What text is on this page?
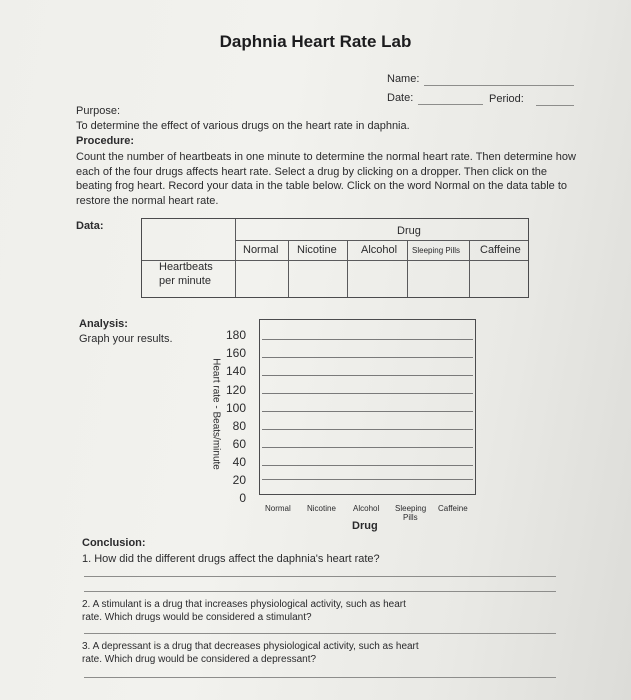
Daphnia Heart Rate Lab
Name:
Date:	Period:
Purpose:
To determine the effect of various drugs on the heart rate in daphnia.
Procedure:
Count the number of heartbeats in one minute to determine the normal heart rate. Then determine how each of the four drugs affects heart rate. Select a drug by clicking on a dropper. Then click on the beating frog heart. Record your data in the table below. Click on the word Normal on the data table to restore the normal heart rate.
Data:	Drug
Normal Nicotine Alcohol Sleeping Pills Caffeine
Heartbeats
per minute
Analysis:
Graph your results.
Heart rate - Beats/minute
180
160
140
120
100
80
60
40
20
0
Normal Nicotine Alcohol Sleeping
Pills
Caffeine
Drug
Conclusion:
1. How did the different drugs affect the daphnia's heart rate?
2. A stimulant is a drug that increases physiological activity, such as heart
rate. Which drugs would be considered a stimulant?
3. A depressant is a drug that decreases physiological activity, such as heart
rate. Which drug would be considered a depressant?
